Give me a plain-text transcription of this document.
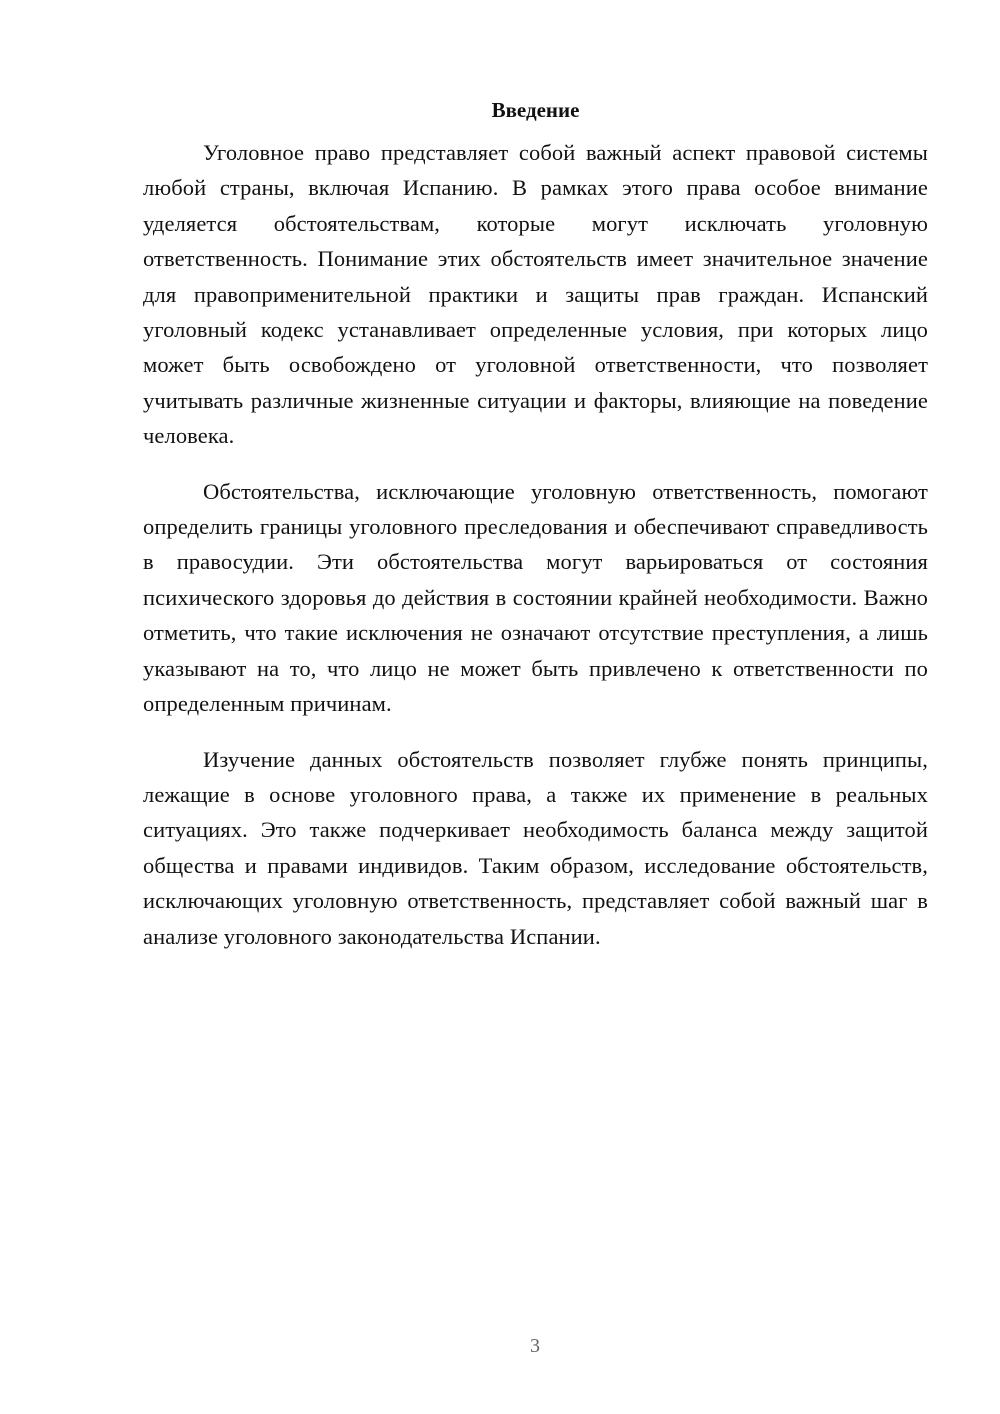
Введение

Уголовное право представляет собой важный аспект правовой системы любой страны, включая Испанию. В рамках этого права особое внимание уделяется обстоятельствам, которые могут исключать уголовную ответственность. Понимание этих обстоятельств имеет значительное значение для правоприменительной практики и защиты прав граждан. Испанский уголовный кодекс устанавливает определенные условия, при которых лицо может быть освобождено от уголовной ответственности, что позволяет учитывать различные жизненные ситуации и факторы, влияющие на поведение человека.

Обстоятельства, исключающие уголовную ответственность, помогают определить границы уголовного преследования и обеспечивают справедливость в правосудии. Эти обстоятельства могут варьироваться от состояния психического здоровья до действия в состоянии крайней необходимости. Важно отметить, что такие исключения не означают отсутствие преступления, а лишь указывают на то, что лицо не может быть привлечено к ответственности по определенным причинам.

Изучение данных обстоятельств позволяет глубже понять принципы, лежащие в основе уголовного права, а также их применение в реальных ситуациях. Это также подчеркивает необходимость баланса между защитой общества и правами индивидов. Таким образом, исследование обстоятельств, исключающих уголовную ответственность, представляет собой важный шаг в анализе уголовного законодательства Испании.

3
